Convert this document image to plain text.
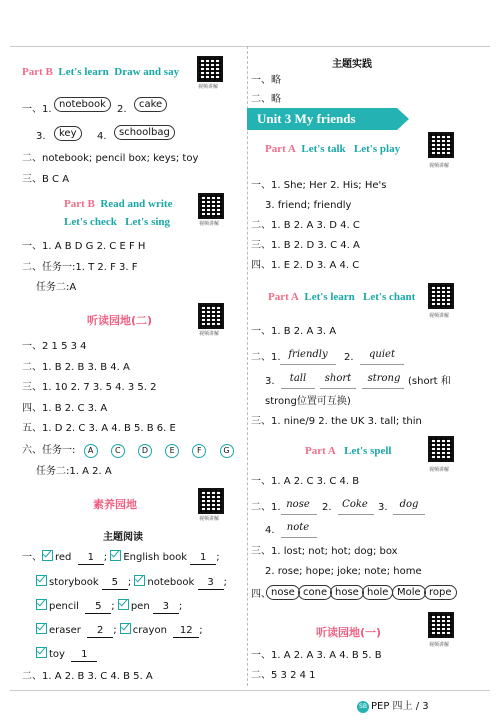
Part B Let's learn Draw and say
视频讲解
一、1. notebook	2.	cake
3.	key	4.	schoolbag
二、notebook; pencil box; keys; toy
三、B C A
Part B Read and write
Let's check Let's sing	视频讲解
一、1. A B D G 2. C E F H
二、任务一:1. T 2. F 3. F
任务二:A
听读园地(二)
视频讲解
一、2 1 5 3 4
二、1. B 2. B 3. B 4. A
三、1. 10 2. 7 3. 5 4. 3 5. 2
四、1. B 2. C 3. A
五、1. D 2. C 3. A 4. B 5. B 6. E
六、任务一: A	C	D	E	F	G
任务二:1. A 2. A
素养园地
视频讲解
主题阅读
一、 red 1 ; English book 1 ;
storybook 5 ; notebook 3 ;
pencil 5 ; pen 3 ;
eraser 2 ; crayon 12 ;
toy 1
二、1. A 2. B 3. C 4. B 5. A
主题实践
一、略
二、略
Unit 3 My friends
Part A Let's talk Let's play
视频讲解
一、1. She; Her 2. His; He's
3. friend; friendly
二、1. B 2. A 3. D 4. C
三、1. B 2. D 3. C 4. A
四、1. E 2. D 3. A 4. C
Part A Let's learn Let's chant
视频讲解
一、1. B 2. A 3. A
二、1. friendly	2.	quiet
3.	tall	short	strong (short 和
strong位置可互换)
三、1. nine/9 2. the UK 3. tall; thin
Part A Let's spell
视频讲解
一、1. A 2. C 3. C 4. B
二、1. nose	2. Coke 3.	dog
4.	note
三、1. lost; not; hot; dog; box
2. rose; hope; joke; note; home
四、 nose cone hose hole Mole rope
听读园地(一)
视频讲解
一、1. A 2. A 3. A 4. B 5. B
二、5 3 2 4 1
SB PEP 四上 / 3
